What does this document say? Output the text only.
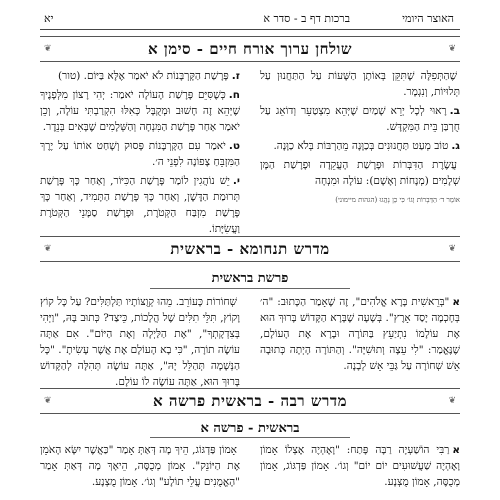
האוצר היומי
ברכות דף ב - סדר א
יא
❦	שולחן ערוך אורח חיים - סימן א	❦

שֶׁהַתְּפִלָּה שֶׁתִּקֵּן בְּאוֹתָן הַשָּׁעוֹת עַל הַתַּחֲנוּן עַל תְּלוּיוֹת, וְנִגְמָר.

ב.רָאוּי לְכָל יְרֵא שָׁמַיִם שֶׁיְּהֵא מִצְטַעֵר וְדוֹאֵג עַל חֻרְבַּן בֵּית הַמִּקְדָּשׁ.

ג.טוֹב מְעַט תַּחֲנוּנִים בְּכַוָּנָה מֵהַרְבּוֹת בְּלֹא כַוָּנָה.

עֲשֶׂרֶת הַדִּבְּרוֹת וּפָרָשַׁת הָעֲקֵדָה וּפָרָשַׁת הַמָּן שְׁלָמִים (מְנָחוֹת וְאָשָׁם): עוֹלָה וּמִנְחָה

אוֹמֵר ד׳ הַדְּבָרוֹת וְגוֹ׳ כִּי כֵן נָהֲגוּ (הגהות מיימוני)

ז.פָּרָשַׁת הַקָּרְבָּנוֹת לֹא יֹאמַר אֶלָּא בַּיּוֹם. (טור)

ח.כְּשֶׁסִּיֵּם פָּרָשַׁת הָעוֹלָה יֹאמַר: יְהִי רָצוֹן מִלְּפָנֶיךָ שֶׁיְּהֵא זֶה חָשׁוּב וּמְקֻבָּל כְּאִלּוּ הִקְרַבְתִּי עוֹלָה, וְכֵן יֹאמַר אַחַר פָּרָשַׁת הַמִּנְחָה וְהַשְּׁלָמִים שֶׁבָּאִים בְּנֵדֶר.

ט.יֹאמַר עִם הַקָּרְבָּנוֹת פָּסוּק וְשָׁחַט אוֹתוֹ עַל יֶרֶךְ הַמִּזְבֵּחַ צָפוֹנָה לִפְנֵי ה׳.

י.יֵשׁ נוֹהֲגִין לוֹמַר פָּרָשַׁת הַכִּיּוֹר, וְאַחַר כָּךְ פָּרָשַׁת תְּרוּמַת הַדֶּשֶׁן, וְאַחַר כָּךְ פָּרָשַׁת הַתָּמִיד, וְאַחַר כָּךְ פָּרָשַׁת מִזְבַּח הַקְּטֹרֶת, וּפָרָשַׁת סַמָּנֵי הַקְּטֹרֶת וַעֲשִׂיָּתוֹ.

❦	מדרש תנחומא - בראשית	❦
פרשת בראשית

א"בְּרֵאשִׁית בָּרָא אֱלֹהִים", זֶה שֶׁאָמַר הַכָּתוּב: "ה׳ בְּחָכְמָה יָסַד אָרֶץ". בְּשָׁעָה שֶׁבָּרָא הַקָּדוֹשׁ בָּרוּךְ הוּא אֶת עוֹלָמוֹ נִתְיַעֵץ בַּתּוֹרָה וּבָרָא אֶת הָעוֹלָם, שֶׁנֶּאֱמַר: "לִי עֵצָה וְתוּשִׁיָּה". וְהַתּוֹרָה הָיְתָה כְּתוּבָה אֵשׁ שְׁחוֹרָה עַל גַּבֵּי אֵשׁ לְבָנָה.

שְׁחוֹרוֹת כָּעוֹרֵב. מֵהוּ קְוֻצּוֹתָיו תַּלְתַּלִּים? עַל כָּל קוֹץ וָקוֹץ, תִּלֵּי תִלִּים שֶׁל הֲלָכוֹת, כֵּיצַד? כְּתוּב בָּהּ, "וַיְּהִי בְּצִדְקָתְךָ", "אֶת הַלַּיְלָה וְאֶת הַיּוֹם". אִם אַתָּה עוֹשֶׂה תוֹרָה, "כִּי בָא הָעוֹלָם אֶת אֲשֶׁר עָשִׂיתָ". "כָּל הַנְּשָׁמָה תְּהַלֵּל יָהּ", אַתָּה עוֹשֶׂה תְּהִלָּה לְהַקָּדוֹשׁ בָּרוּךְ הוּא, אַתָּה עוֹשֶׂה לוֹ עוֹלָם.

❦	מדרש רבה - בראשית פרשה א	❦
בראשית - פרשה א

ארַבִּי הוֹשַׁעְיָה רַבָּה פָּתַח: "וָאֶהְיֶה אֶצְלוֹ אָמוֹן וָאֶהְיֶה שַׁעֲשׁוּעִים יוֹם יוֹם" וְגוֹ׳. אָמוֹן פַּדְגּוֹג, אָמוֹן מְכֻסֶּה, אָמוֹן מֻצְנָע.

אָמוֹן פַּדְגּוֹג, הֵיךְ מָה דְּאַתְּ אָמַר "כַּאֲשֶׁר יִשָּׂא הָאֹמֵן אֶת הַיּוֹנֵק". אָמוֹן מְכֻסֶּה, הֵיאָךְ מָה דְּאַתְּ אָמַר "הָאֱמֻנִים עֲלֵי תוֹלָע" וְגוֹ׳. אָמוֹן מֻצְנָע.
